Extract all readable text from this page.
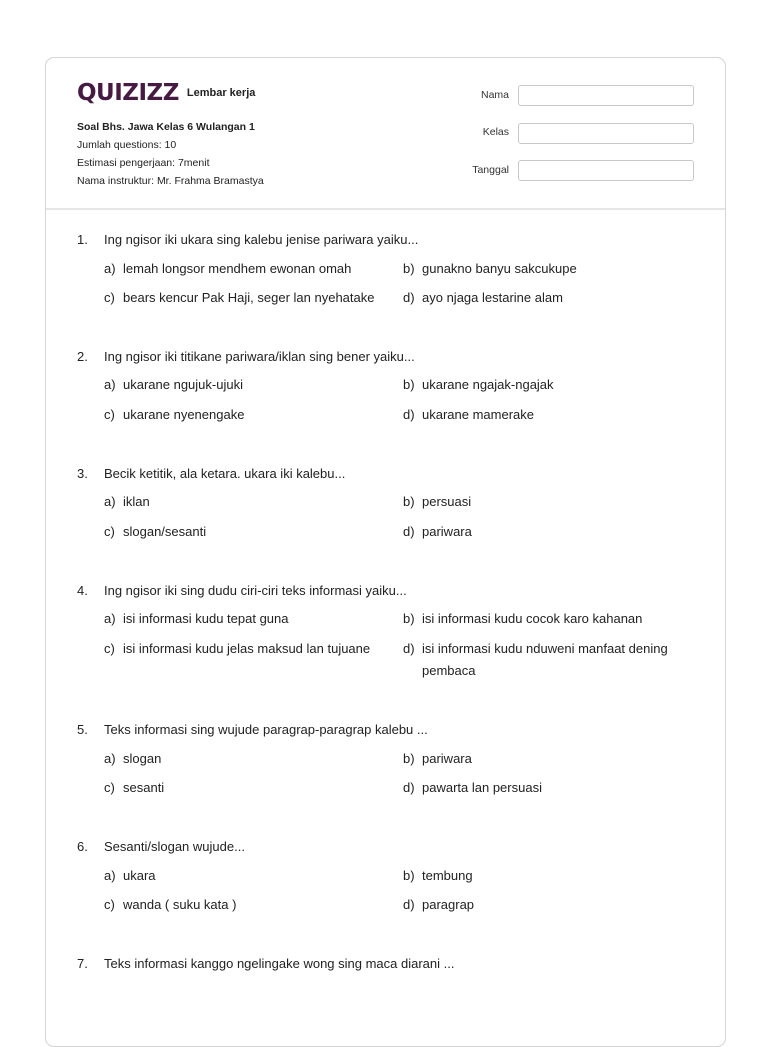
QUIZIZZ Lembar kerja
Soal Bhs. Jawa Kelas 6 Wulangan 1
Jumlah questions: 10
Estimasi pengerjaan: 7menit
Nama instruktur: Mr. Frahma Bramastya
Nama
Kelas
Tanggal
1. Ing ngisor iki ukara sing kalebu jenise pariwara yaiku...
a) lemah longsor mendhem ewonan omah	b) gunakno banyu sakcukupe
c) bears kencur Pak Haji, seger lan nyehatake	d) ayo njaga lestarine alam
2. Ing ngisor iki titikane pariwara/iklan sing bener yaiku...
a) ukarane ngujuk-ujuki	b) ukarane ngajak-ngajak
c) ukarane nyenengake	d) ukarane mamerake
3. Becik ketitik, ala ketara. ukara iki kalebu...
a) iklan	b) persuasi
c) slogan/sesanti	d) pariwara
4. Ing ngisor iki sing dudu ciri-ciri teks informasi yaiku...
a) isi informasi kudu tepat guna	b) isi informasi kudu cocok karo kahanan
c) isi informasi kudu jelas maksud lan tujuane	d) isi informasi kudu nduweni manfaat dening pembaca
5. Teks informasi sing wujude paragrap-paragrap kalebu ...
a) slogan	b) pariwara
c) sesanti	d) pawarta lan persuasi
6. Sesanti/slogan wujude...
a) ukara	b) tembung
c) wanda ( suku kata )	d) paragrap
7. Teks informasi kanggo ngelingake wong sing maca diarani ...
